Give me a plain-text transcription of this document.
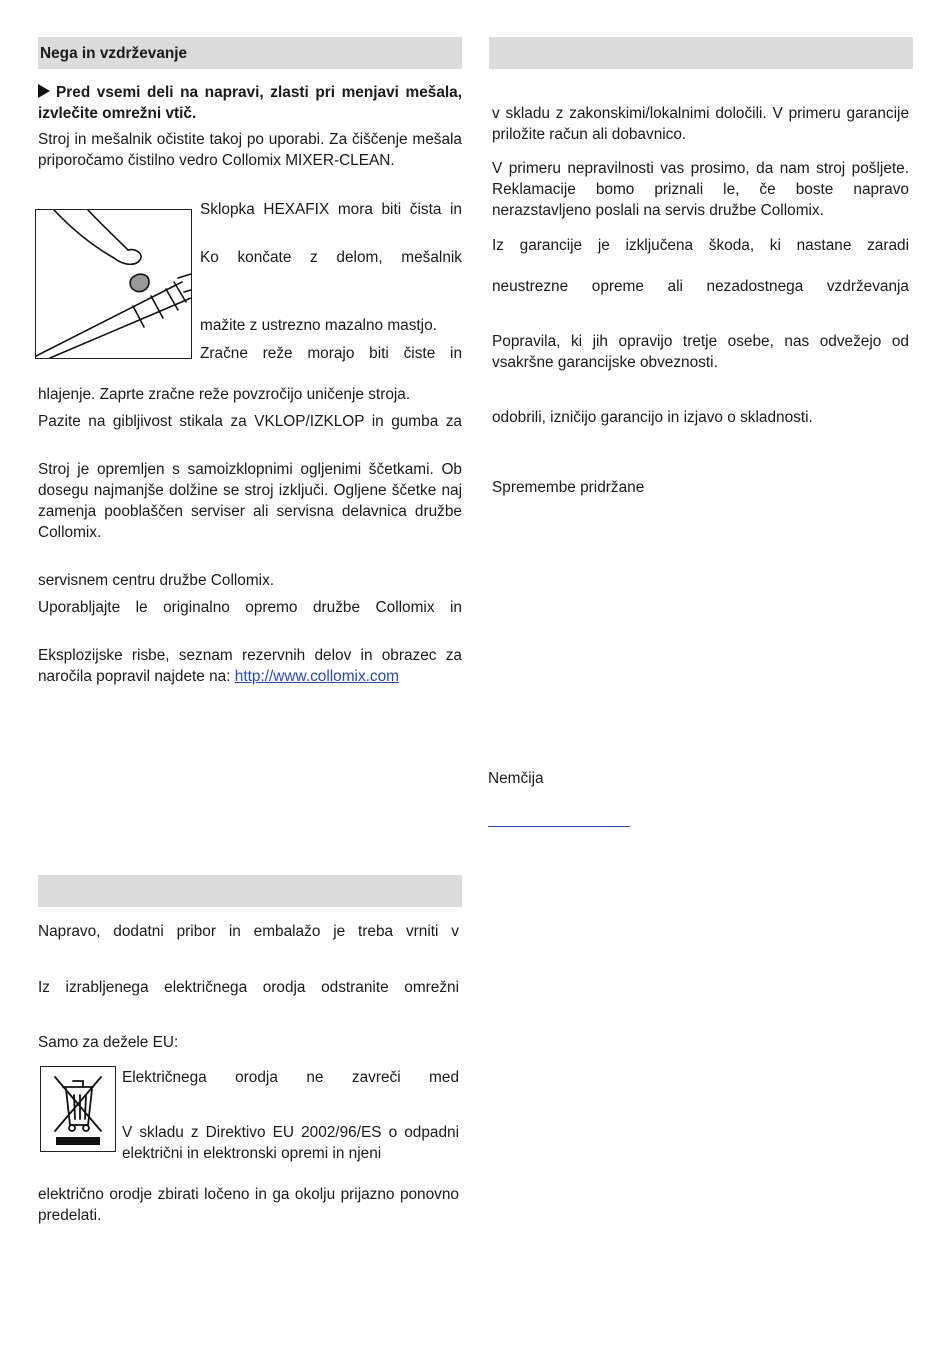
Nega in vzdrževanje

Pred vsemi deli na napravi, zlasti pri menjavi mešala, izvlečite omrežni vtič.

Stroj in mešalnik očistite takoj po uporabi. Za čiščenje mešala priporočamo čistilno vedro Collomix MIXER-CLEAN.

Sklopka HEXAFIX mora biti čista in

Ko končate z delom, mešalnik

mažite z ustrezno mazalno mastjo.

Zračne reže morajo biti čiste in

hlajenje. Zaprte zračne reže povzročijo uničenje stroja.

Pazite na gibljivost stikala za VKLOP/IZKLOP in gumba za

Stroj je opremljen s samoizklopnimi ogljenimi ščetkami. Ob dosegu najmanjše dolžine se stroj izključi. Ogljene ščetke naj zamenja pooblaščen serviser ali servisna delavnica družbe Collomix.

servisnem centru družbe Collomix.

Uporabljajte le originalno opremo družbe Collomix in

Eksplozijske risbe, seznam rezervnih delov in obrazec za naročila popravil najdete na: http://www.collomix.com

Napravo, dodatni pribor in embalažo je treba vrniti v

Iz izrabljenega električnega orodja odstranite omrežni

Samo za dežele EU:

Električnega orodja ne zavreči med

V skladu z Direktivo EU 2002/96/ES o odpadni električni in elektronski opremi in njeni

električno orodje zbirati ločeno in ga okolju prijazno ponovno predelati.

v skladu z zakonskimi/lokalnimi določili. V primeru garancije priložite račun ali dobavnico.

V primeru nepravilnosti vas prosimo, da nam stroj pošljete. Reklamacije bomo priznali le, če boste napravo nerazstavljeno poslali na servis družbe Collomix.

Iz garancije je izključena škoda, ki nastane zaradi

neustrezne opreme ali nezadostnega vzdrževanja

Popravila, ki jih opravijo tretje osebe, nas odvežejo od vsakršne garancijske obveznosti.

odobrili, izničijo garancijo in izjavo o skladnosti.

Spremembe pridržane

Nemčija
